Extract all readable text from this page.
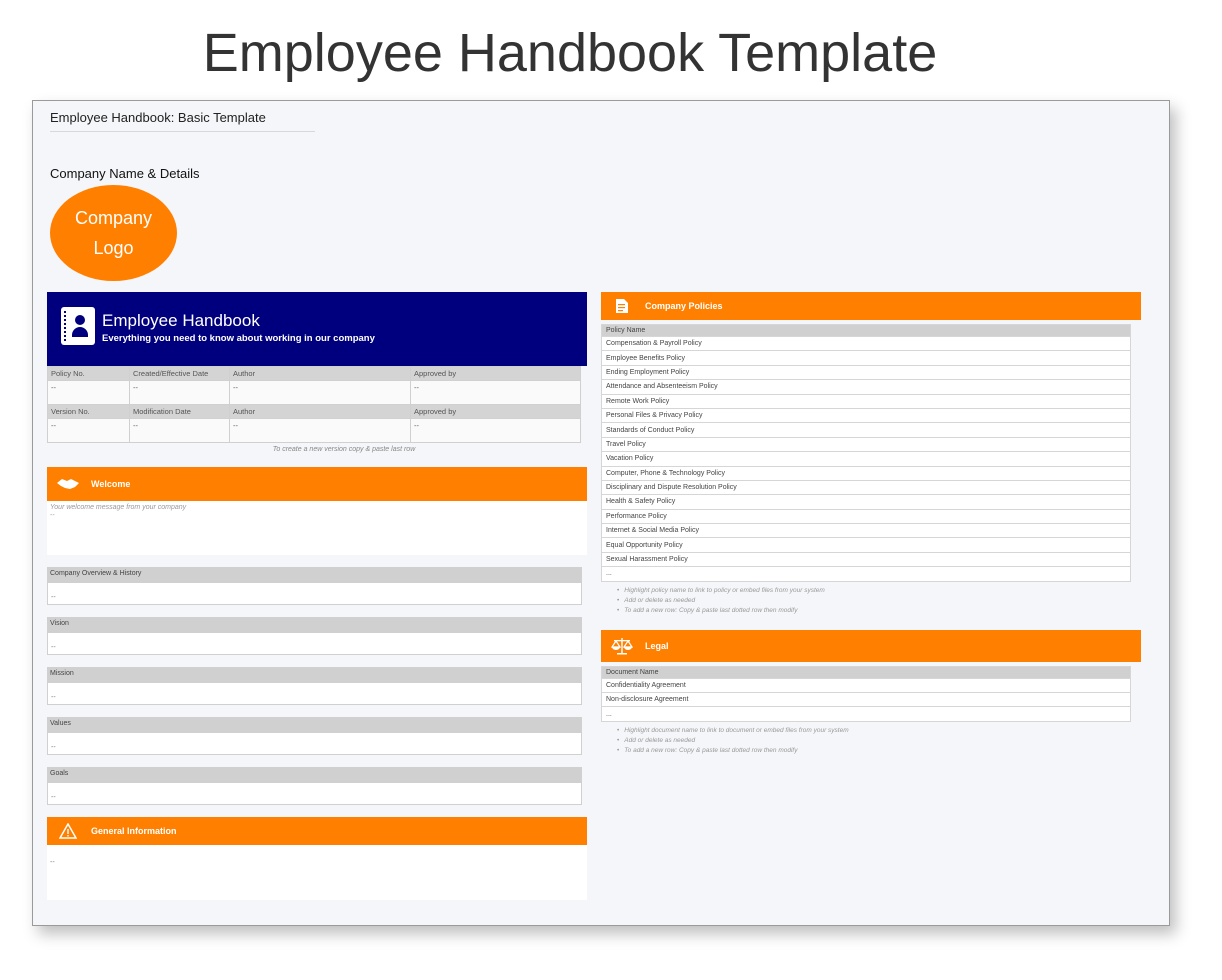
Employee Handbook Template
Employee Handbook: Basic Template
Company Name & Details
Company Logo
Employee Handbook
Everything you need to know about working in our company
Policy No.	Created/Effective Date	Author	Approved by
--	--	--	--
Version No.	Modification Date	Author	Approved by
--	--	--	--
To create a new version copy & paste last row
Welcome
Your welcome message from your company
--
Company Overview & History
--
Vision
--
Mission
--
Values
--
Goals
--
General Information
--
Company Policies
Policy Name
Compensation & Payroll Policy
Employee Benefits Policy
Ending Employment Policy
Attendance and Absenteeism Policy
Remote Work Policy
Personal Files & Privacy Policy
Standards of Conduct Policy
Travel Policy
Vacation Policy
Computer, Phone & Technology Policy
Disciplinary and Dispute Resolution Policy
Health & Safety Policy
Performance Policy
Internet & Social Media Policy
Equal Opportunity Policy
Sexual Harassment Policy
...
• Highlight policy name to link to policy or embed files from your system
• Add or delete as needed
• To add a new row: Copy & paste last dotted row then modify
Legal
Document Name
Confidentiality Agreement
Non-disclosure Agreement
...
• Highlight document name to link to document or embed files from your system
• Add or delete as needed
• To add a new row: Copy & paste last dotted row then modify
